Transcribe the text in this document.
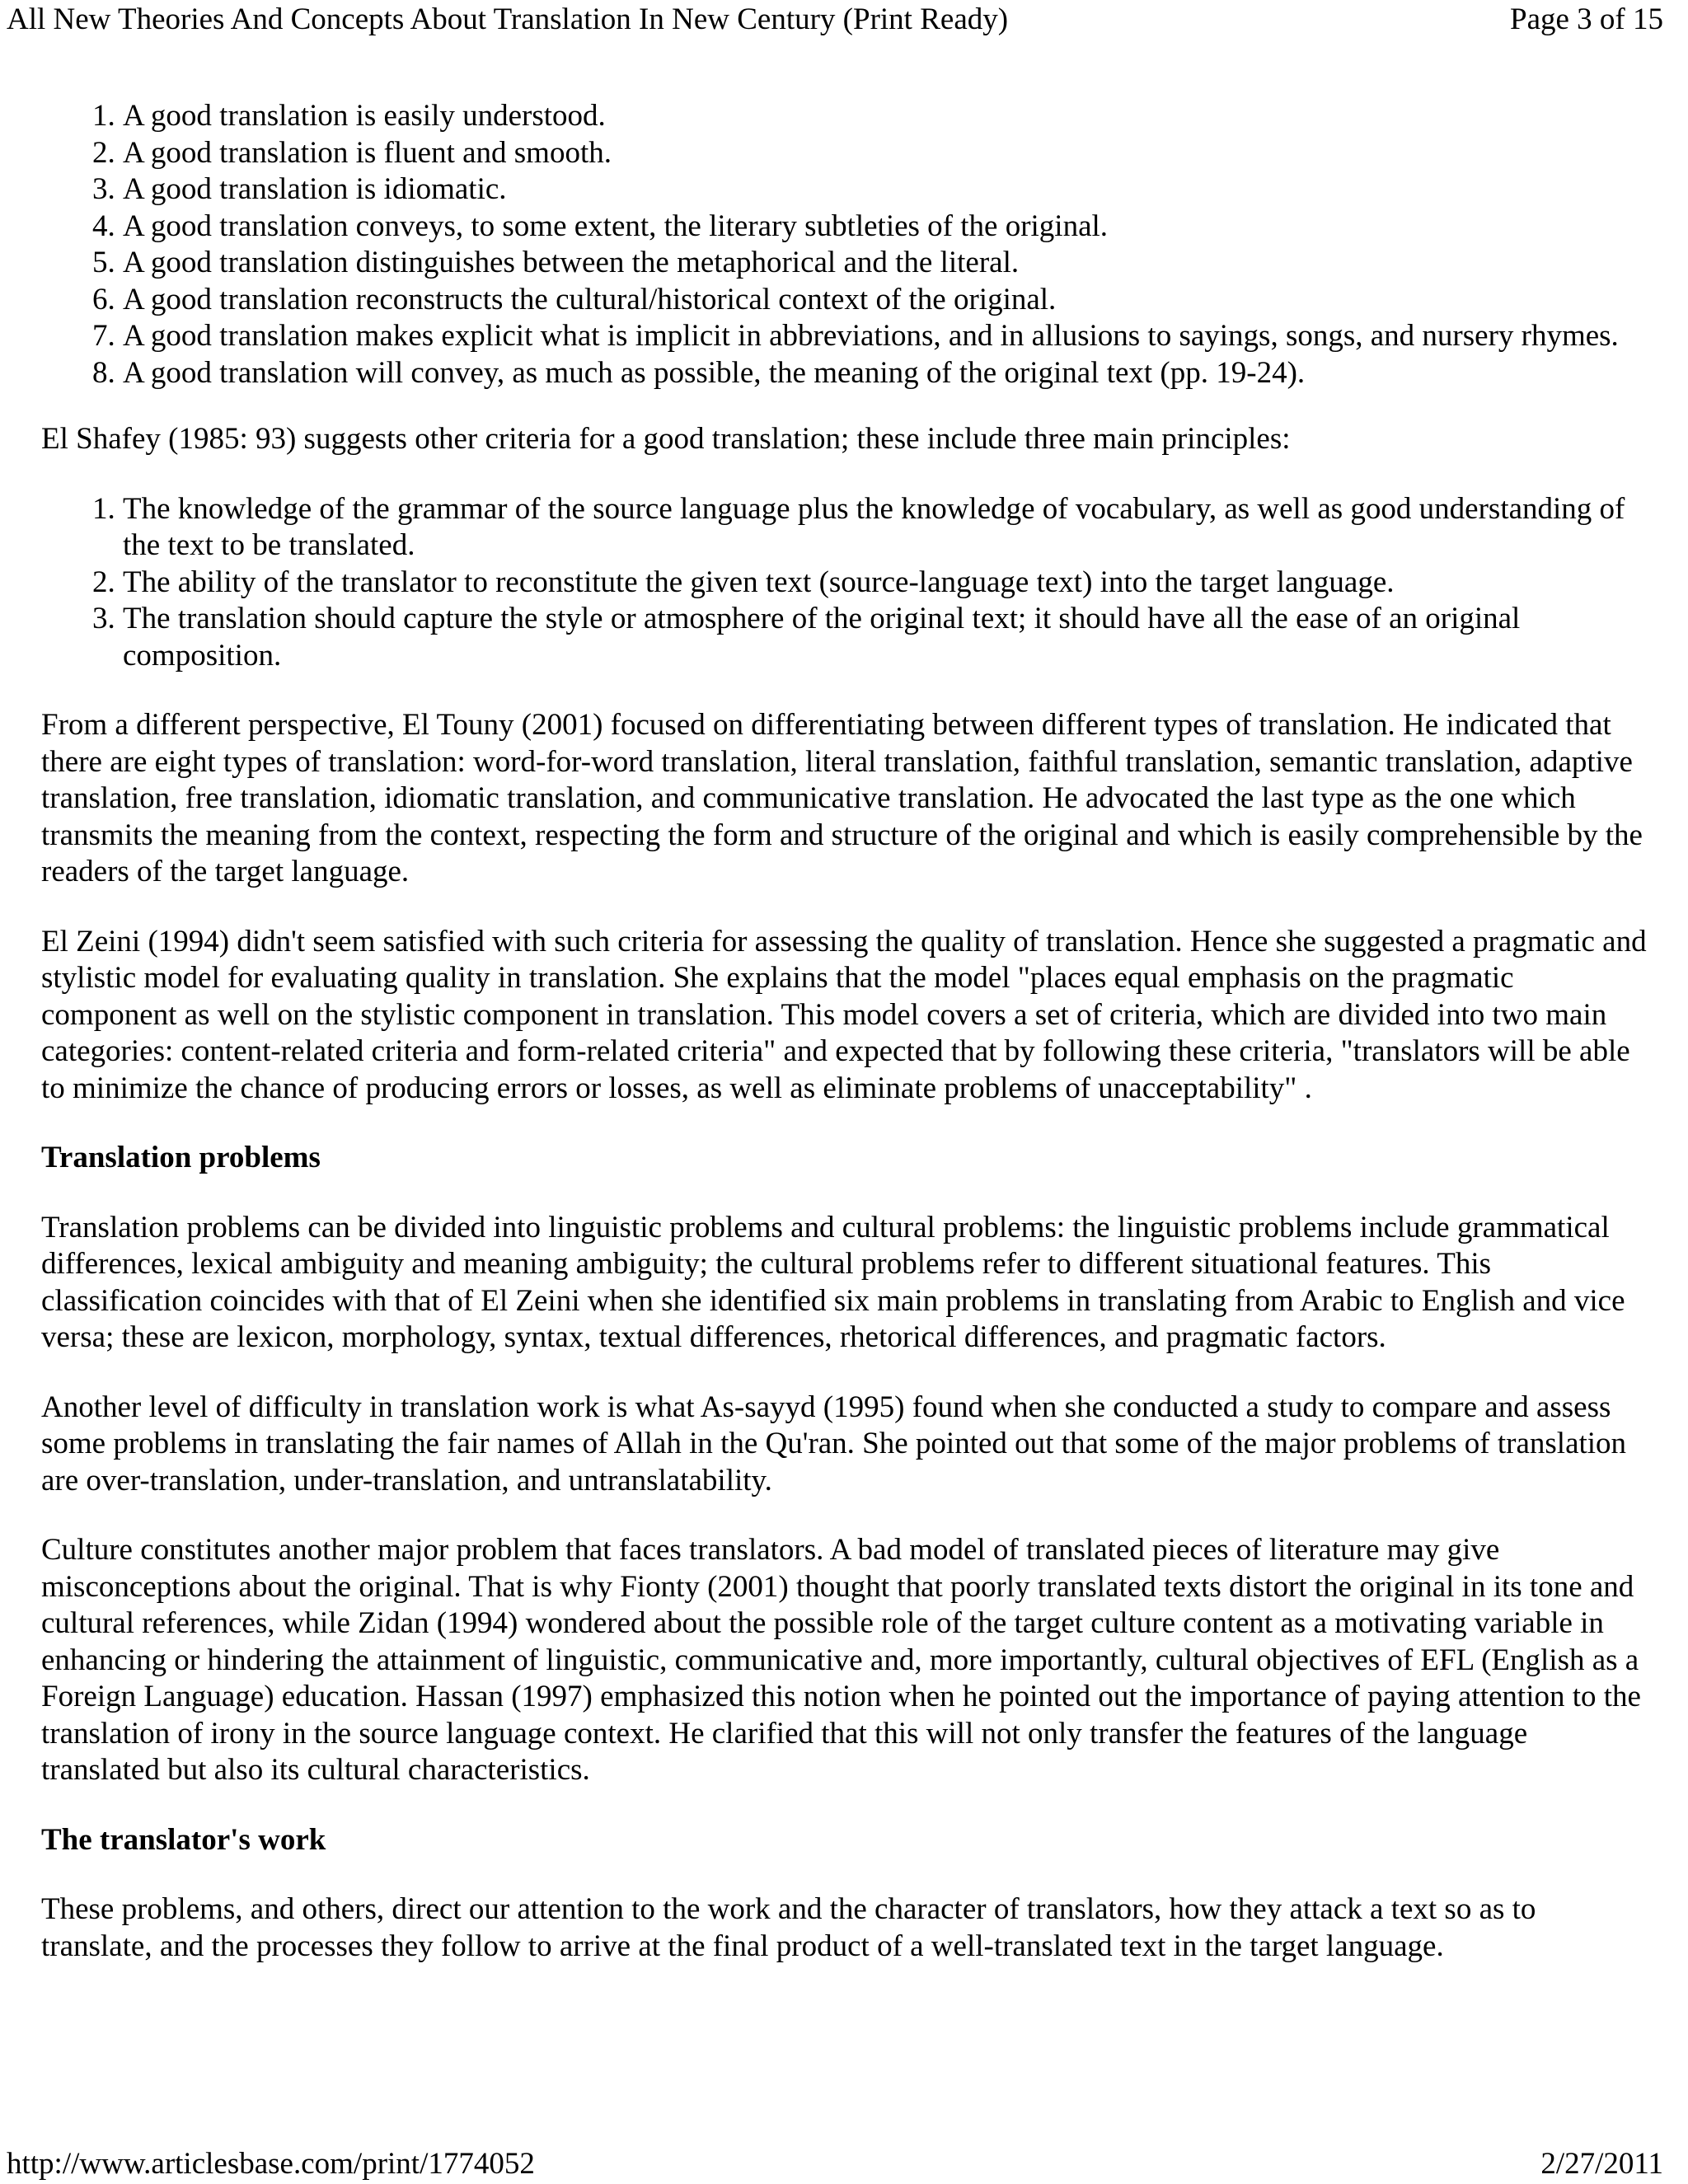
All New Theories And Concepts About Translation In New Century (Print Ready)	Page 3 of 15
1. A good translation is easily understood.
2. A good translation is fluent and smooth.
3. A good translation is idiomatic.
4. A good translation conveys, to some extent, the literary subtleties of the original.
5. A good translation distinguishes between the metaphorical and the literal.
6. A good translation reconstructs the cultural/historical context of the original.
7. A good translation makes explicit what is implicit in abbreviations, and in allusions to sayings, songs, and nursery rhymes.
8. A good translation will convey, as much as possible, the meaning of the original text (pp. 19-24).

El Shafey (1985: 93) suggests other criteria for a good translation; these include three main principles:

1. The knowledge of the grammar of the source language plus the knowledge of vocabulary, as well as good understanding of the text to be translated.
2. The ability of the translator to reconstitute the given text (source-language text) into the target language.
3. The translation should capture the style or atmosphere of the original text; it should have all the ease of an original composition.

From a different perspective, El Touny (2001) focused on differentiating between different types of translation. He indicated that there are eight types of translation: word-for-word translation, literal translation, faithful translation, semantic translation, adaptive translation, free translation, idiomatic translation, and communicative translation. He advocated the last type as the one which transmits the meaning from the context, respecting the form and structure of the original and which is easily comprehensible by the readers of the target language.

El Zeini (1994) didn't seem satisfied with such criteria for assessing the quality of translation. Hence she suggested a pragmatic and stylistic model for evaluating quality in translation. She explains that the model "places equal emphasis on the pragmatic component as well on the stylistic component in translation. This model covers a set of criteria, which are divided into two main categories: content-related criteria and form-related criteria" and expected that by following these criteria, "translators will be able to minimize the chance of producing errors or losses, as well as eliminate problems of unacceptability" .

Translation problems

Translation problems can be divided into linguistic problems and cultural problems: the linguistic problems include grammatical differences, lexical ambiguity and meaning ambiguity; the cultural problems refer to different situational features. This classification coincides with that of El Zeini when she identified six main problems in translating from Arabic to English and vice versa; these are lexicon, morphology, syntax, textual differences, rhetorical differences, and pragmatic factors.

Another level of difficulty in translation work is what As-sayyd (1995) found when she conducted a study to compare and assess some problems in translating the fair names of Allah in the Qu'ran. She pointed out that some of the major problems of translation are over-translation, under-translation, and untranslatability.

Culture constitutes another major problem that faces translators. A bad model of translated pieces of literature may give misconceptions about the original. That is why Fionty (2001) thought that poorly translated texts distort the original in its tone and cultural references, while Zidan (1994) wondered about the possible role of the target culture content as a motivating variable in enhancing or hindering the attainment of linguistic, communicative and, more importantly, cultural objectives of EFL (English as a Foreign Language) education. Hassan (1997) emphasized this notion when he pointed out the importance of paying attention to the translation of irony in the source language context. He clarified that this will not only transfer the features of the language translated but also its cultural characteristics.

The translator's work

These problems, and others, direct our attention to the work and the character of translators, how they attack a text so as to translate, and the processes they follow to arrive at the final product of a well-translated text in the target language.

http://www.articlesbase.com/print/1774052	2/27/2011
